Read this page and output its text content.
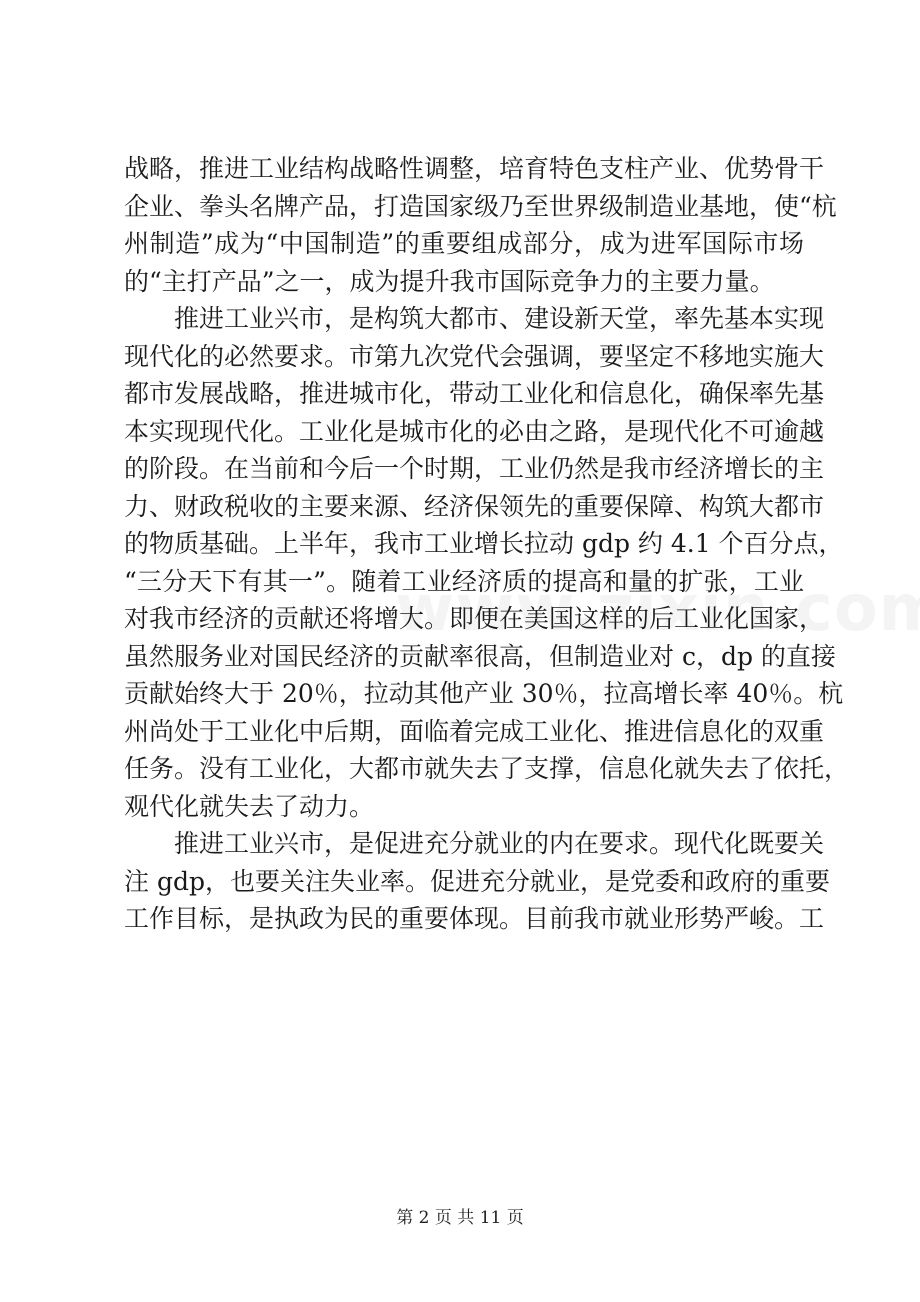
战略，推进工业结构战略性调整，培育特色支柱产业、优势骨干
企业、拳头名牌产品，打造国家级乃至世界级制造业基地，使“杭
州制造”成为“中国制造”的重要组成部分，成为进军国际市场
的“主打产品”之一，成为提升我市国际竞争力的主要力量。
推进工业兴市，是构筑大都市、建设新天堂，率先基本实现
现代化的必然要求。市第九次党代会强调，要坚定不移地实施大
都市发展战略，推进城市化，带动工业化和信息化，确保率先基
本实现现代化。工业化是城市化的必由之路，是现代化不可逾越
的阶段。在当前和今后一个时期，工业仍然是我市经济增长的主
力、财政税收的主要来源、经济保领先的重要保障、构筑大都市
的物质基础。上半年，我市工业增长拉动 gdp 约 4.1 个百分点，
“三分天下有其一”。随着工业经济质的提高和量的扩张，工业
对我市经济的贡献还将增大。即便在美国这样的后工业化国家，
虽然服务业对国民经济的贡献率很高，但制造业对 c，dp 的直接
贡献始终大于 20％，拉动其他产业 30％，拉高增长率 40％。杭
州尚处于工业化中后期，面临着完成工业化、推进信息化的双重
任务。没有工业化，大都市就失去了支撑，信息化就失去了依托，
观代化就失去了动力。
推进工业兴市，是促进充分就业的内在要求。现代化既要关
注 gdp，也要关注失业率。促进充分就业，是党委和政府的重要
工作目标，是执政为民的重要体现。目前我市就业形势严峻。工
第 2 页 共 11 页
